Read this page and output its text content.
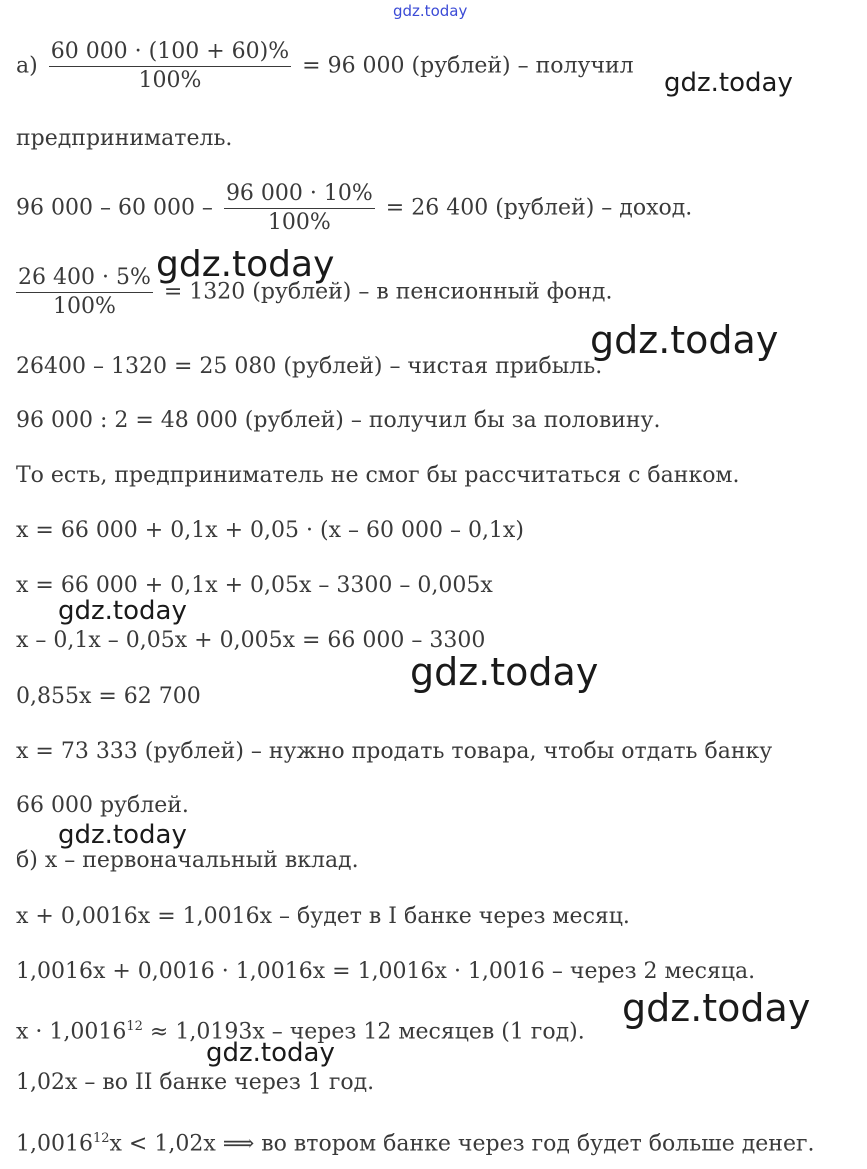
gdz.today
$а) \frac{60 000 \cdot (100 + 60)\%}{100\%} = 96$ 000 (рублей) – получил
предприниматель.
96 000 – 60 $000 - \frac{96 000 \cdot 10\%}{100\%} = 26$ 400 (рублей) – доход.
$\frac{26 400 \cdot 5\%}{100\%} = 1320$ (рублей) – в пенсионный фонд.
26400 – 1320 = 25 080 (рублей) – чистая прибыль.
96 000 : 2 = 48 000 (рублей) – получил бы за половину.
То есть, предприниматель не смог бы рассчитаться с банком.
x = 66 000 + 0,1x + 0,05 · (x – 60 000 – 0,1x)
x = 66 000 + 0,1x + 0,05x – 3300 – 0,005x
x – 0,1x – 0,05x + 0,005x = 66 000 – 3300
0,855x = 62 700
x = 73 333 (рублей) – нужно продать товара, чтобы отдать банку
66 000 рублей.
б) x – первоначальный вклад.
x + 0,0016x = 1,0016x – будет в I банке через месяц.
1,0016x + 0,0016 · 1,0016x = 1,0016x · 1,0016 – через 2 месяца.
$x \cdot 1,0016^{12} \approx 1,0193x$ – через 12 месяцев (1 год).
1,02x – во II банке через 1 год.
$1,0016^{12}x < 1,02x$ ⟹ во втором банке через год будет больше денег.
gdz.today
gdz.today
gdz.today
gdz.today
gdz.today
gdz.today
gdz.today
gdz.today
